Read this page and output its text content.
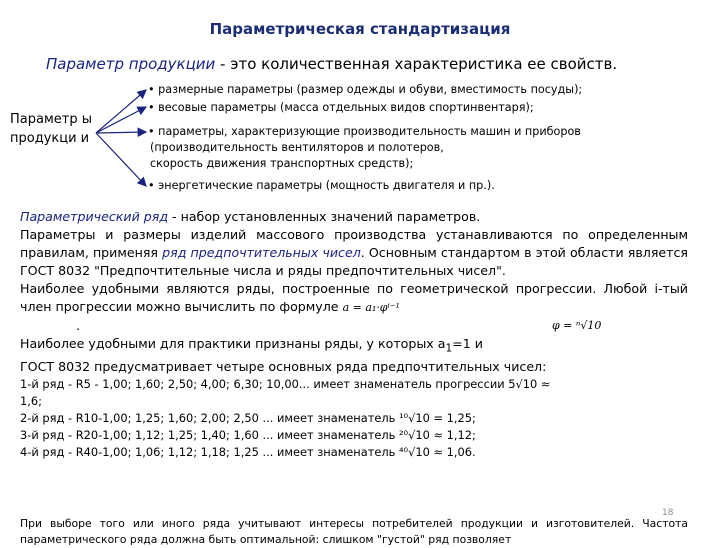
Параметрическая стандартизация
Параметр продукции - это количественная характеристика ее свойств.
Параметр ы продукци и
• размерные параметры (размер одежды и обуви, вместимость посуды);
• весовые параметры (масса отдельных видов спортинвентаря);
• параметры, характеризующие производительность машин и приборов
(производительность вентиляторов и полотеров,
скорость движения транспортных средств);
• энергетические параметры (мощность двигателя и пр.).

Параметрический ряд - набор установленных значений параметров.

Параметры и размеры изделий массового производства устанавливаются по определенным правилам, применяя ряд предпочтительных чисел. Основным стандартом в этой области является ГОСТ 8032 "Предпочтительные числа и ряды предпочтительных чисел".

Наиболее удобными являются ряды, построенные по геометрической прогрессии. Любой i-тый член прогрессии можно вычислить по формуле a = a₁·φⁱ⁻¹

.	φ = ⁿ√10

Наиболее удобными для практики признаны ряды, у которых $а_1=1$ и

ГОСТ 8032 предусматривает четыре основных ряда предпочтительных чисел:

1-й ряд - R5 - 1,00; 1,60; 2,50; 4,00; 6,30; 10,00... имеет знаменатель прогрессии 5√10 ≈
1,6;
2-й ряд - R10-1,00; 1,25; 1,60; 2,00; 2,50 ... имеет знаменатель ¹⁰√10 = 1,25;
3-й ряд - R20-1,00; 1,12; 1,25; 1,40; 1,60 ... имеет знаменатель ²⁰√10 ≈ 1,12;
4-й ряд - R40-1,00; 1,06; 1,12; 1,18; 1,25 ... имеет знаменатель ⁴⁰√10 ≈ 1,06.
18
При выборе того или иного ряда учитывают интересы потребителей продукции и изготовителей. Частота параметрического ряда должна быть оптимальной: слишком "густой" ряд позволяет
